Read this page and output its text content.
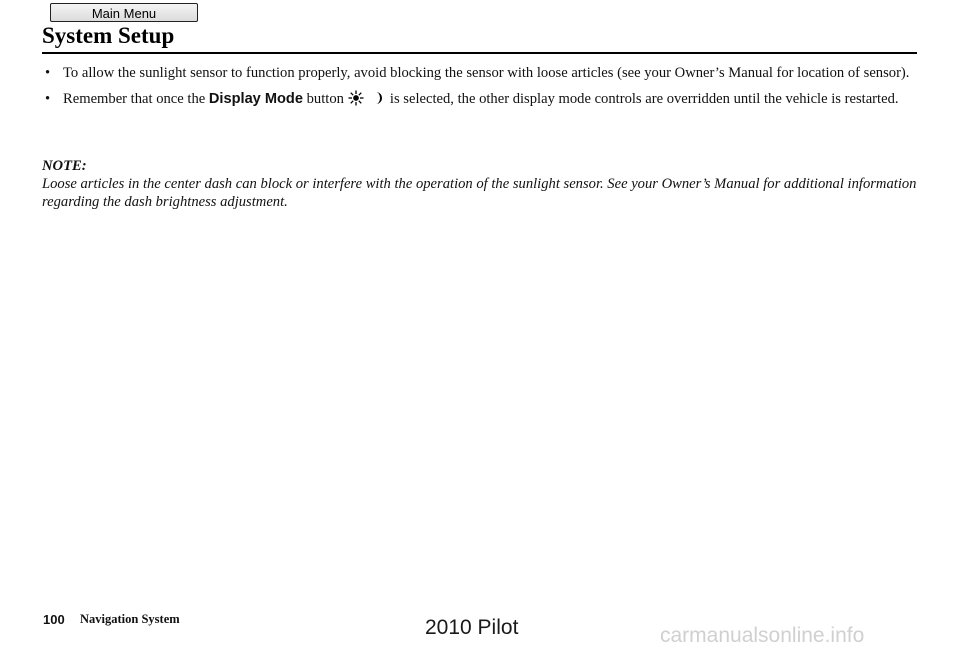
Main Menu
System Setup
• To allow the sunlight sensor to function properly, avoid blocking the sensor with loose articles (see your Owner’s Manual for location of sensor).
• Remember that once the Display Mode button	is selected, the other display mode controls are overridden until the vehicle is restarted.
NOTE:
Loose articles in the center dash can block or interfere with the operation of the sunlight sensor. See your Owner’s Manual for additional information regarding the dash brightness adjustment.
100 Navigation System	2010 Pilot	carmanualsonline.info
